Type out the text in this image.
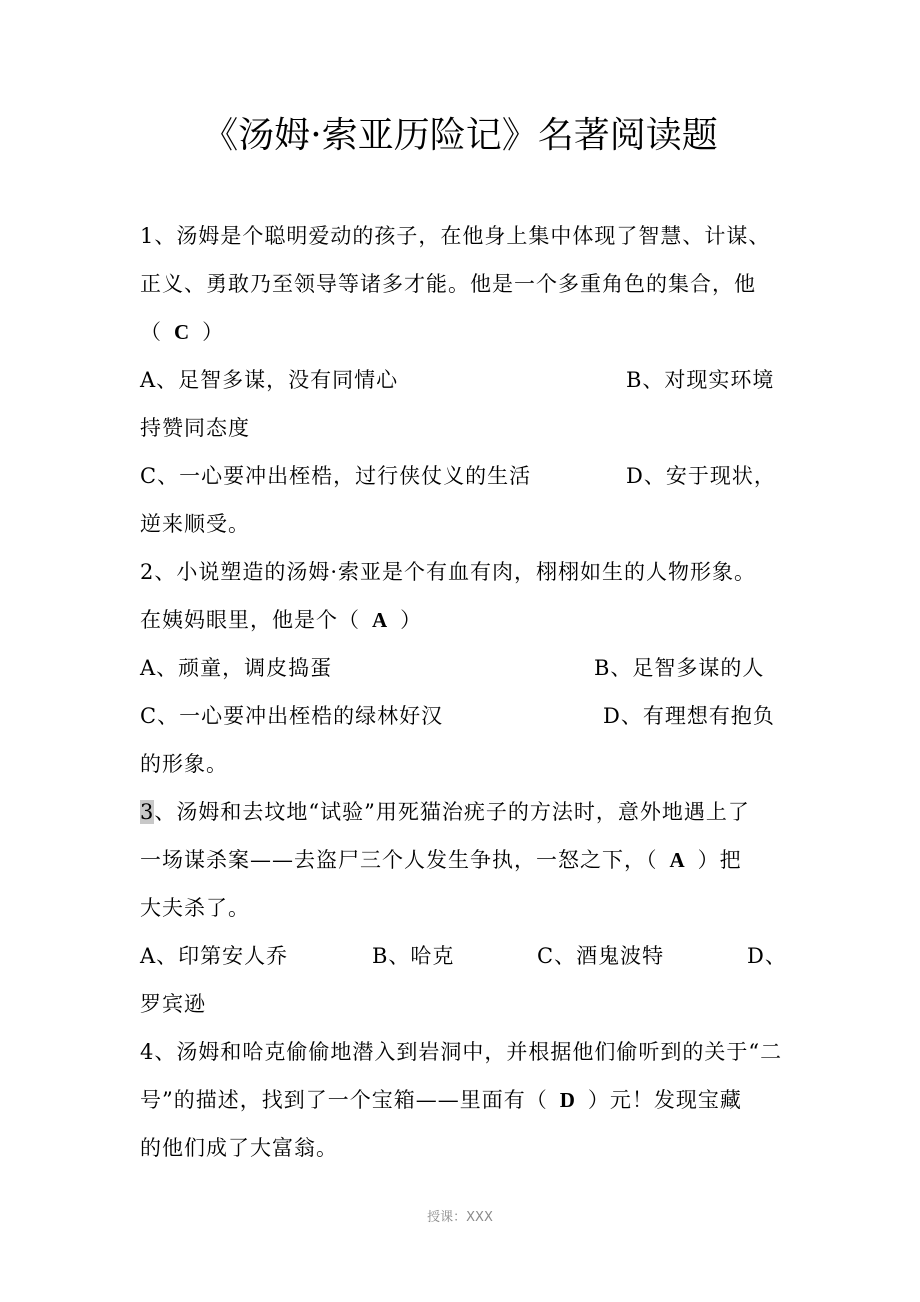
《汤姆·索亚历险记》名著阅读题
1、汤姆是个聪明爱动的孩子，在他身上集中体现了智慧、计谋、
正义、勇敢乃至领导等诸多才能。他是一个多重角色的集合，他
（ C ）
A、足智多谋，没有同情心	B、对现实环境
持赞同态度
C、一心要冲出桎梏，过行侠仗义的生活	D、安于现状，
逆来顺受。
2、小说塑造的汤姆·索亚是个有血有肉，栩栩如生的人物形象。
在姨妈眼里，他是个（ A ）
A、顽童，调皮捣蛋	B、足智多谋的人
C、一心要冲出桎梏的绿林好汉	D、有理想有抱负
的形象。
3、汤姆和去坟地“试验”用死猫治疣子的方法时，意外地遇上了
一场谋杀案——去盗尸三个人发生争执，一怒之下，（ A ）把
大夫杀了。
A、印第安人乔	B、哈克	C、酒鬼波特	D、
罗宾逊
4、汤姆和哈克偷偷地潜入到岩洞中，并根据他们偷听到的关于“二
号”的描述，找到了一个宝箱——里面有（ D ）元！发现宝藏
的他们成了大富翁。
授课：XXX
